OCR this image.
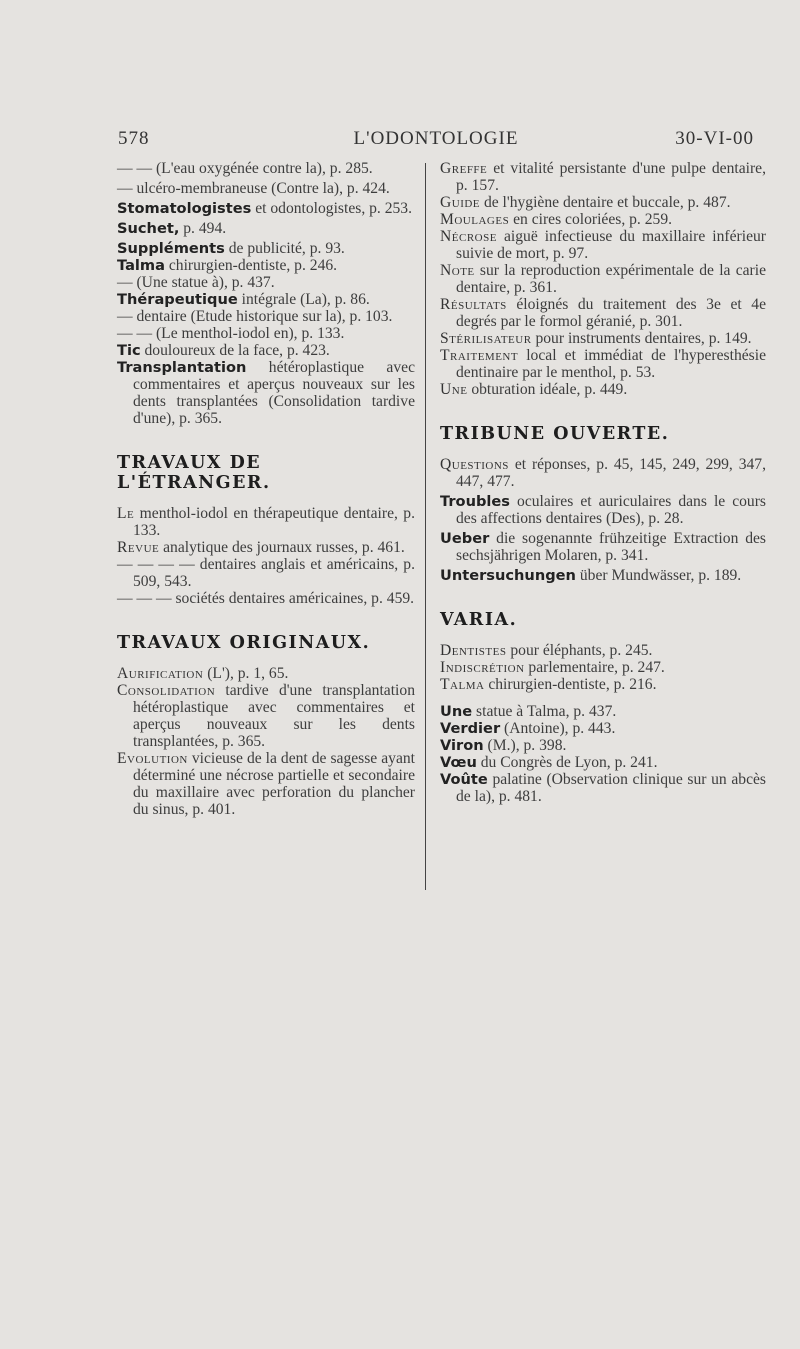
578	L'ODONTOLOGIE	30-VI-00
— — (L'eau oxygénée contre la), p. 285.
— ulcéro-membraneuse (Contre la), p. 424.
Stomatologistes et odontologistes, p. 253.
Suchet, p. 494.
Suppléments de publicité, p. 93.
Talma chirurgien-dentiste, p. 246.
— (Une statue à), p. 437.
Thérapeutique intégrale (La), p. 86.
— dentaire (Etude historique sur la), p. 103.
— — (Le menthol-iodol en), p. 133.
Tic douloureux de la face, p. 423.
Transplantation hétéroplastique avec commentaires et aperçus nouveaux sur les dents transplantées (Consolidation tardive d'une), p. 365.
TRAVAUX DE L'ÉTRANGER.
Le menthol-iodol en thérapeutique dentaire, p. 133.
Revue analytique des journaux russes, p. 461.
— — — — dentaires anglais et américains, p. 509, 543.
— — — sociétés dentaires américaines, p. 459.
TRAVAUX ORIGINAUX.
Aurification (L'), p. 1, 65.
Consolidation tardive d'une transplantation hétéroplastique avec commentaires et aperçus nouveaux sur les dents transplantées, p. 365.
Evolution vicieuse de la dent de sagesse ayant déterminé une nécrose partielle et secondaire du maxillaire avec perforation du plancher du sinus, p. 401.
Greffe et vitalité persistante d'une pulpe dentaire, p. 157.
Guide de l'hygiène dentaire et buccale, p. 487.
Moulages en cires coloriées, p. 259.
Nécrose aiguë infectieuse du maxillaire inférieur suivie de mort, p. 97.
Note sur la reproduction expérimentale de la carie dentaire, p. 361.
Résultats éloignés du traitement des 3e et 4e degrés par le formol géranié, p. 301.
Stérilisateur pour instruments dentaires, p. 149.
Traitement local et immédiat de l'hyperesthésie dentinaire par le menthol, p. 53.
Une obturation idéale, p. 449.
TRIBUNE OUVERTE.
Questions et réponses, p. 45, 145, 249, 299, 347, 447, 477.
Troubles oculaires et auriculaires dans le cours des affections dentaires (Des), p. 28.
Ueber die sogenannte frühzeitige Extraction des sechsjährigen Molaren, p. 341.
Untersuchungen über Mundwässer, p. 189.
VARIA.
Dentistes pour éléphants, p. 245.
Indiscrétion parlementaire, p. 247.
Talma chirurgien-dentiste, p. 216.
Une statue à Talma, p. 437.
Verdier (Antoine), p. 443.
Viron (M.), p. 398.
Vœu du Congrès de Lyon, p. 241.
Voûte palatine (Observation clinique sur un abcès de la), p. 481.
